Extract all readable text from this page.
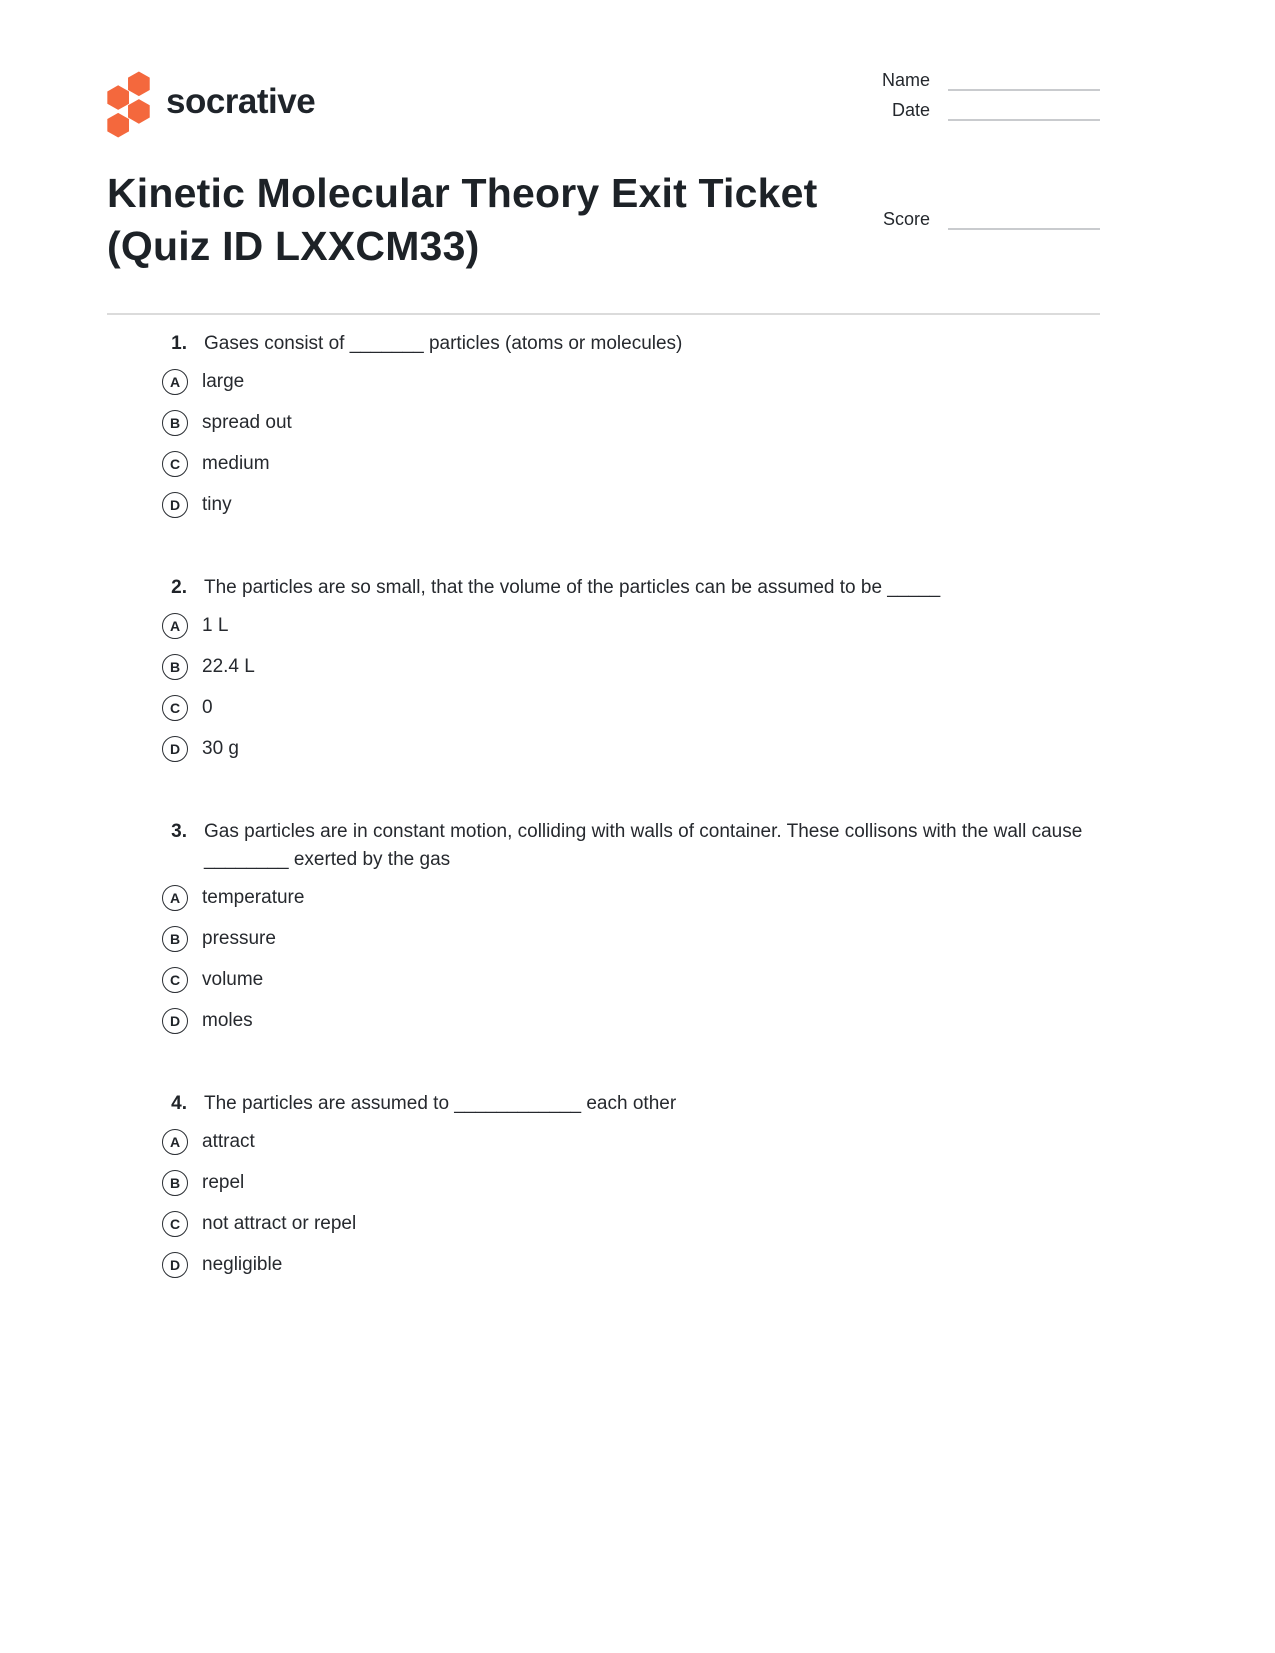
socrative
Name
Date
Kinetic Molecular Theory Exit Ticket (Quiz ID LXXCM33)
Score
1. Gases consist of _______ particles (atoms or molecules)
A large
B spread out
C medium
D tiny
2. The particles are so small, that the volume of the particles can be assumed to be _____
A 1 L
B 22.4 L
C 0
D 30 g
3. Gas particles are in constant motion, colliding with walls of container. These collisons with the wall cause ________ exerted by the gas
A temperature
B pressure
C volume
D moles
4. The particles are assumed to ____________ each other
A attract
B repel
C not attract or repel
D negligible
